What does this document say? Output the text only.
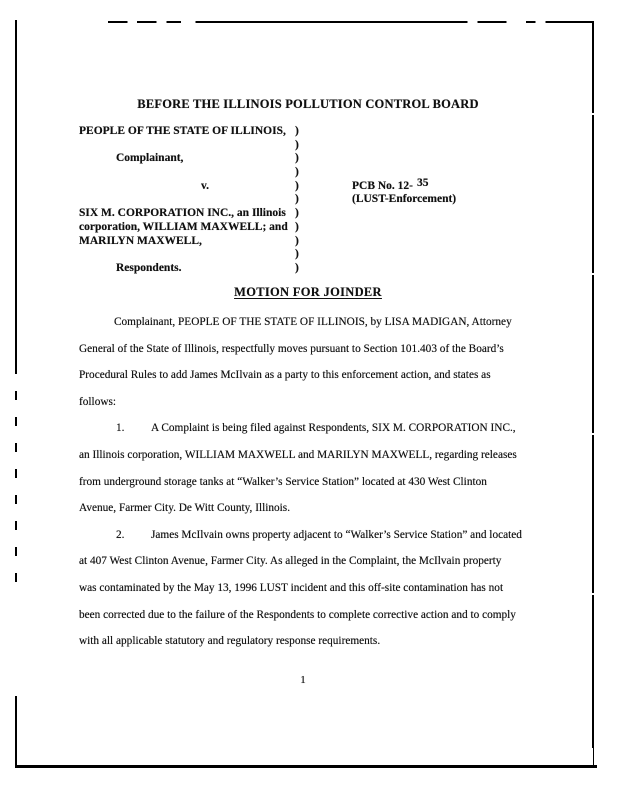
BEFORE THE ILLINOIS POLLUTION CONTROL BOARD
PEOPLE OF THE STATE OF ILLINOIS, )
)
Complainant,	)
)
v.	)	PCB No. 12- 35
)	(LUST-Enforcement)
SIX M. CORPORATION INC., an Illinois )
corporation, WILLIAM MAXWELL; and )
MARILYN MAXWELL,	)
)
Respondents.	)
MOTION FOR JOINDER
Complainant, PEOPLE OF THE STATE OF ILLINOIS, by LISA MADIGAN, Attorney
General of the State of Illinois, respectfully moves pursuant to Section 101.403 of the Board’s
Procedural Rules to add James McIlvain as a party to this enforcement action, and states as
follows:
1. A Complaint is being filed against Respondents, SIX M. CORPORATION INC.,
an Illinois corporation, WILLIAM MAXWELL and MARILYN MAXWELL, regarding releases
from underground storage tanks at “Walker’s Service Station” located at 430 West Clinton
Avenue, Farmer City. De Witt County, Illinois.
2. James McIlvain owns property adjacent to “Walker’s Service Station” and located
at 407 West Clinton Avenue, Farmer City. As alleged in the Complaint, the McIlvain property
was contaminated by the May 13, 1996 LUST incident and this off-site contamination has not
been corrected due to the failure of the Respondents to complete corrective action and to comply
with all applicable statutory and regulatory response requirements.
1
